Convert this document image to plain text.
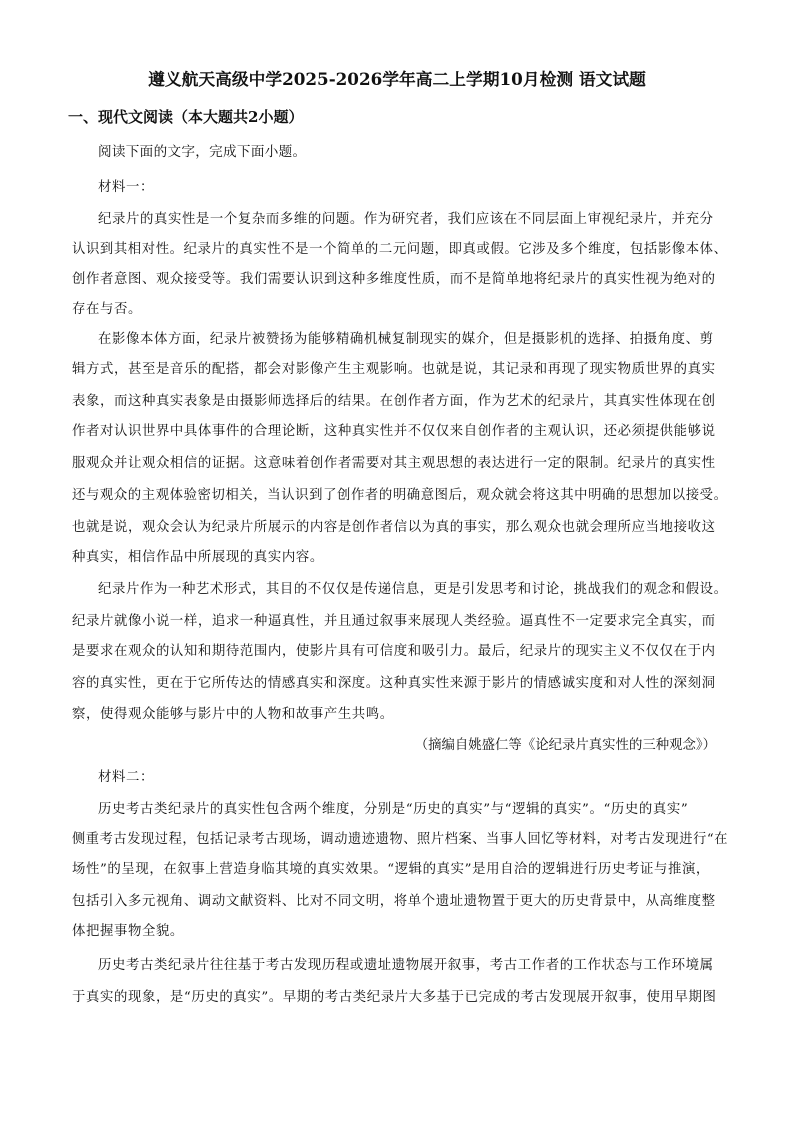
遵义航天高级中学2025-2026学年高二上学期10月检测 语文试题
一、现代文阅读（本大题共2小题）
阅读下面的文字，完成下面小题。
材料一：
纪录片的真实性是一个复杂而多维的问题。作为研究者，我们应该在不同层面上审视纪录片，并充分
认识到其相对性。纪录片的真实性不是一个简单的二元问题，即真或假。它涉及多个维度，包括影像本体、
创作者意图、观众接受等。我们需要认识到这种多维度性质，而不是简单地将纪录片的真实性视为绝对的
存在与否。
在影像本体方面，纪录片被赞扬为能够精确机械复制现实的媒介，但是摄影机的选择、拍摄角度、剪
辑方式，甚至是音乐的配搭，都会对影像产生主观影响。也就是说，其记录和再现了现实物质世界的真实
表象，而这种真实表象是由摄影师选择后的结果。在创作者方面，作为艺术的纪录片，其真实性体现在创
作者对认识世界中具体事件的合理论断，这种真实性并不仅仅来自创作者的主观认识，还必须提供能够说
服观众并让观众相信的证据。这意味着创作者需要对其主观思想的表达进行一定的限制。纪录片的真实性
还与观众的主观体验密切相关，当认识到了创作者的明确意图后，观众就会将这其中明确的思想加以接受。
也就是说，观众会认为纪录片所展示的内容是创作者信以为真的事实，那么观众也就会理所应当地接收这
种真实，相信作品中所展现的真实内容。
纪录片作为一种艺术形式，其目的不仅仅是传递信息，更是引发思考和讨论，挑战我们的观念和假设。
纪录片就像小说一样，追求一种逼真性，并且通过叙事来展现人类经验。逼真性不一定要求完全真实，而
是要求在观众的认知和期待范围内，使影片具有可信度和吸引力。最后，纪录片的现实主义不仅仅在于内
容的真实性，更在于它所传达的情感真实和深度。这种真实性来源于影片的情感诚实度和对人性的深刻洞
察，使得观众能够与影片中的人物和故事产生共鸣。
（摘编自姚盛仁等《论纪录片真实性的三种观念》）
材料二：
历史考古类纪录片的真实性包含两个维度，分别是“历史的真实”与“逻辑的真实”。“历史的真实”
侧重考古发现过程，包括记录考古现场，调动遗迹遗物、照片档案、当事人回忆等材料，对考古发现进行“在
场性”的呈现，在叙事上营造身临其境的真实效果。“逻辑的真实”是用自洽的逻辑进行历史考证与推演，
包括引入多元视角、调动文献资料、比对不同文明，将单个遗址遗物置于更大的历史背景中，从高维度整
体把握事物全貌。
历史考古类纪录片往往基于考古发现历程或遗址遗物展开叙事，考古工作者的工作状态与工作环境属
于真实的现象，是“历史的真实”。早期的考古类纪录片大多基于已完成的考古发现展开叙事，使用早期图
